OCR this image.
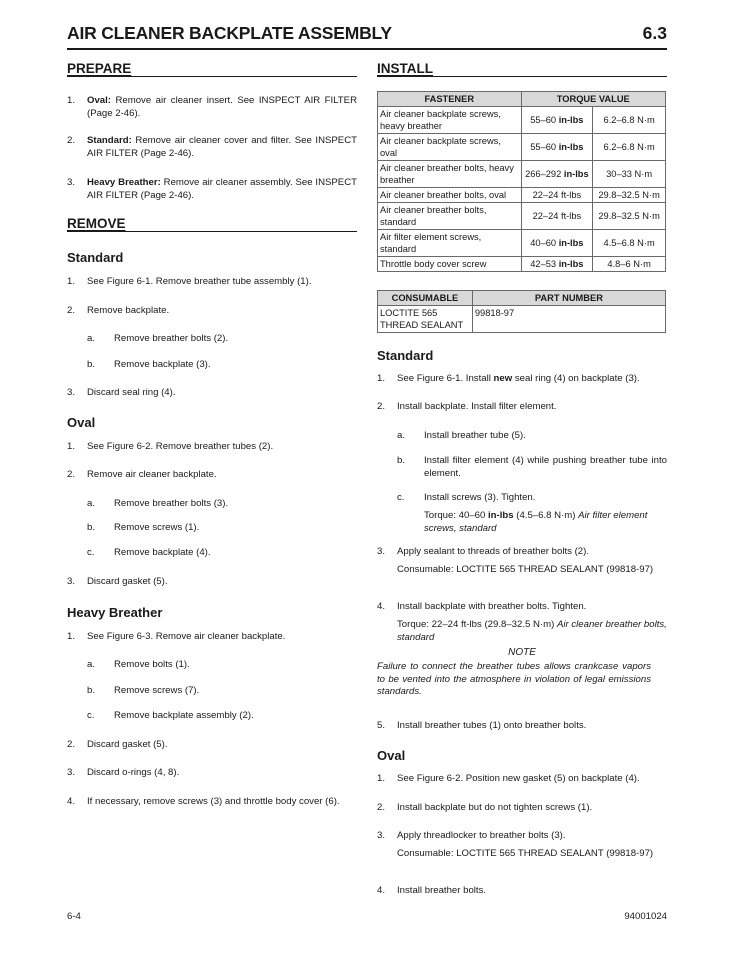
AIR CLEANER BACKPLATE ASSEMBLY	6.3
PREPARE
1. Oval: Remove air cleaner insert. See INSPECT AIR FILTER (Page 2-46).
2. Standard: Remove air cleaner cover and filter. See INSPECT AIR FILTER (Page 2-46).
3. Heavy Breather: Remove air cleaner assembly. See INSPECT AIR FILTER (Page 2-46).
REMOVE
Standard
1. See Figure 6-1. Remove breather tube assembly (1).
2. Remove backplate.
a. Remove breather bolts (2).
b. Remove backplate (3).
3. Discard seal ring (4).
Oval
1. See Figure 6-2. Remove breather tubes (2).
2. Remove air cleaner backplate.
a. Remove breather bolts (3).
b. Remove screws (1).
c. Remove backplate (4).
3. Discard gasket (5).
Heavy Breather
1. See Figure 6-3. Remove air cleaner backplate.
a. Remove bolts (1).
b. Remove screws (7).
c. Remove backplate assembly (2).
2. Discard gasket (5).
3. Discard o-rings (4, 8).
4. If necessary, remove screws (3) and throttle body cover (6).
INSTALL
FASTENER	TORQUE VALUE	
Air cleaner backplate screws, heavy breather	55–60 in-lbs	6.2–6.8 N·m
Air cleaner backplate screws, oval	55–60 in-lbs	6.2–6.8 N·m
Air cleaner breather bolts, heavy breather	266–292 in-lbs	30–33 N·m
Air cleaner breather bolts, oval	22–24 ft-lbs	29.8–32.5 N·m
Air cleaner breather bolts, standard	22–24 ft-lbs	29.8–32.5 N·m
Air filter element screws, standard	40–60 in-lbs	4.5–6.8 N·m
Throttle body cover screw	42–53 in-lbs	4.8–6 N·m
CONSUMABLE	PART NUMBER
LOCTITE 565 THREAD SEALANT	99818-97
Standard
1. See Figure 6-1. Install new seal ring (4) on backplate (3).
2. Install backplate. Install filter element.
a. Install breather tube (5).
b. Install filter element (4) while pushing breather tube into element.
c. Install screws (3). Tighten.
Torque: 40–60 in-lbs (4.5–6.8 N·m) Air filter element screws, standard
3. Apply sealant to threads of breather bolts (2).
Consumable: LOCTITE 565 THREAD SEALANT (99818-97)
4. Install backplate with breather bolts. Tighten.
Torque: 22–24 ft-lbs (29.8–32.5 N·m) Air cleaner breather bolts, standard
NOTE
Failure to connect the breather tubes allows crankcase vapors to be vented into the atmosphere in violation of legal emissions standards.
5. Install breather tubes (1) onto breather bolts.
Oval
1. See Figure 6-2. Position new gasket (5) on backplate (4).
2. Install backplate but do not tighten screws (1).
3. Apply threadlocker to breather bolts (3).
Consumable: LOCTITE 565 THREAD SEALANT (99818-97)
4. Install breather bolts.
6-4	94001024
